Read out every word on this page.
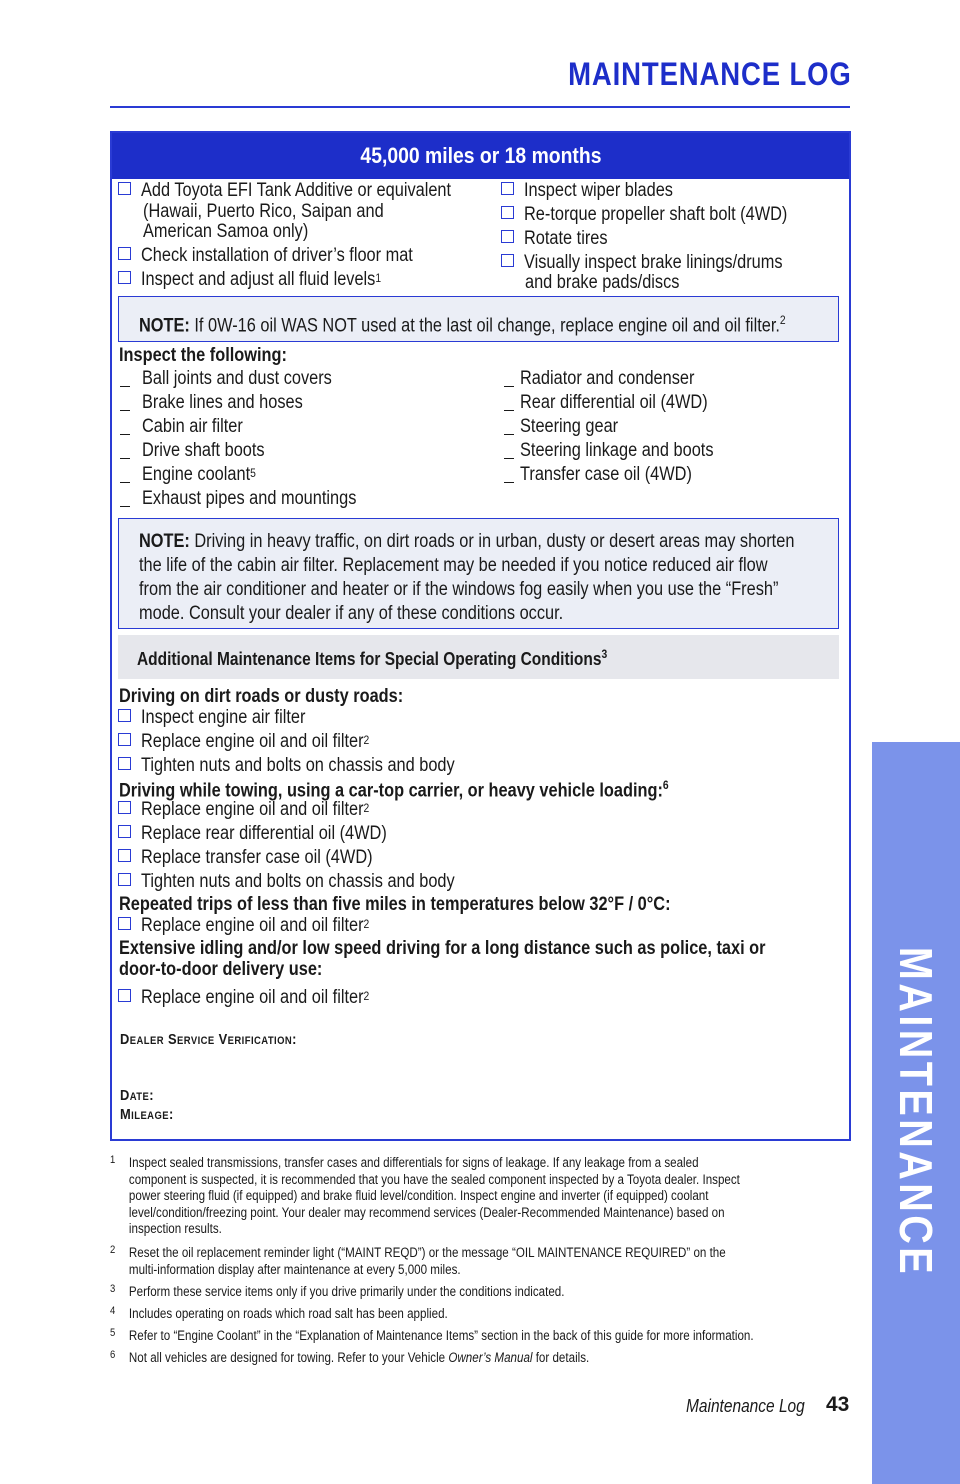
MAINTENANCE LOG
MAINTENANCE
45,000 miles or 18 months
Add Toyota EFI Tank Additive or equivalent
(Hawaii, Puerto Rico, Saipan and
American Samoa only)
Check installation of driver’s floor mat
Inspect and adjust all fluid levels$^1$
Inspect wiper blades
Re-torque propeller shaft bolt (4WD)
Rotate tires
Visually inspect brake linings/drums
and brake pads/discs
NOTE: If 0W-16 oil WAS NOT used at the last oil change, replace engine oil and oil filter.$^2$
Inspect the following:
Ball joints and dust covers
Brake lines and hoses
Cabin air filter
Drive shaft boots
Engine coolant$^5$
Exhaust pipes and mountings
Radiator and condenser
Rear differential oil (4WD)
Steering gear
Steering linkage and boots
Transfer case oil (4WD)
NOTE: Driving in heavy traffic, on dirt roads or in urban, dusty or desert areas may shorten
the life of the cabin air filter. Replacement may be needed if you notice reduced air flow
from the air conditioner and heater or if the windows fog easily when you use the “Fresh”
mode. Consult your dealer if any of these conditions occur.
Additional Maintenance Items for Special Operating Conditions$^3$
Driving on dirt roads or dusty roads:
Inspect engine air filter
Replace engine oil and oil filter$^2$
Tighten nuts and bolts on chassis and body
Driving while towing, using a car-top carrier, or heavy vehicle loading:$^6$
Replace engine oil and oil filter$^2$
Replace rear differential oil (4WD)
Replace transfer case oil (4WD)
Tighten nuts and bolts on chassis and body
Repeated trips of less than five miles in temperatures below 32°F / 0°C:
Replace engine oil and oil filter$^2$
Extensive idling and/or low speed driving for a long distance such as police, taxi or
door-to-door delivery use:
Replace engine oil and oil filter$^2$
Dealer Service Verification:
Date:
Mileage:
1 Inspect sealed transmissions, transfer cases and differentials for signs of leakage. If any leakage from a sealed
component is suspected, it is recommended that you have the sealed component inspected by a Toyota dealer. Inspect
power steering fluid (if equipped) and brake fluid level/condition. Inspect engine and inverter (if equipped) coolant
level/condition/freezing point. Your dealer may recommend services (Dealer-Recommended Maintenance) based on
inspection results.
2 Reset the oil replacement reminder light (“MAINT REQD”) or the message “OIL MAINTENANCE REQUIRED” on the
multi-information display after maintenance at every 5,000 miles.
3 Perform these service items only if you drive primarily under the conditions indicated.
4 Includes operating on roads which road salt has been applied.
5 Refer to “Engine Coolant” in the “Explanation of Maintenance Items” section in the back of this guide for more information.
6 Not all vehicles are designed for towing. Refer to your Vehicle Owner’s Manual for details.
Maintenance Log 43
